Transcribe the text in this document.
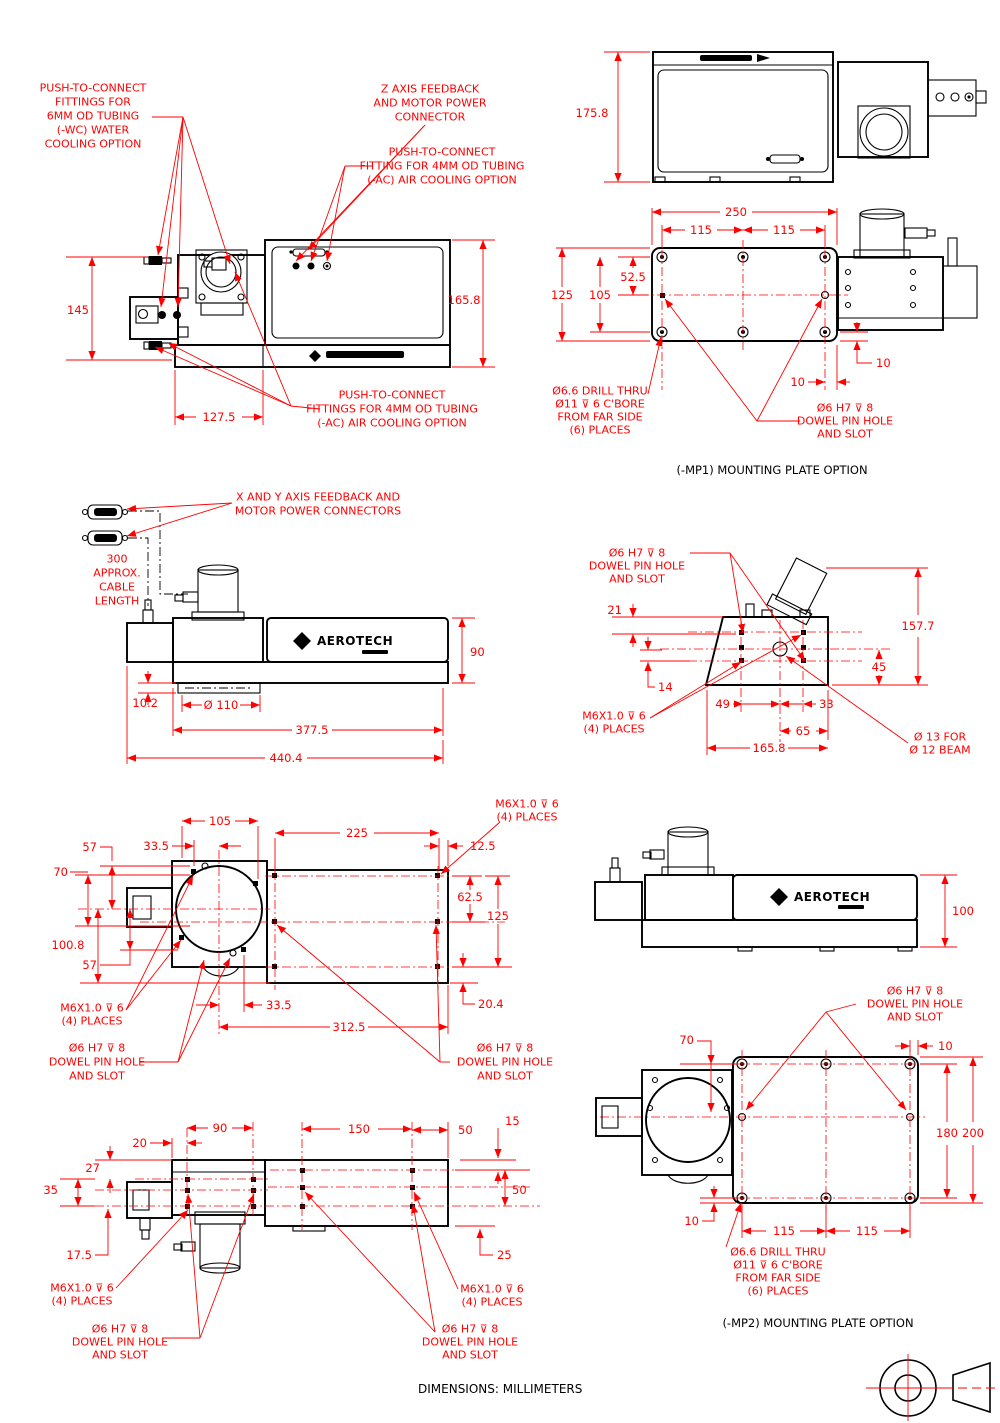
145
165.8
127.5
PUSH-TO-CONNECT
FITTINGS FOR
6MM OD TUBING
(-WC) WATER
COOLING OPTION
Z AXIS FEEDBACK
AND MOTOR POWER
CONNECTOR
PUSH-TO-CONNECT
FITTING FOR 4MM OD TUBING
(-AC) AIR COOLING OPTION
PUSH-TO-CONNECT
FITTINGS FOR 4MM OD TUBING
(-AC) AIR COOLING OPTION
175.8
250
115	115
52.5
125 105
10
10
Ø6.6 DRILL THRU
Ø11 ⊽ 6 C'BORE
FROM FAR SIDE
(6) PLACES
Ø6 H7 ⊽ 8
DOWEL PIN HOLE
AND SLOT
(-MP1) MOUNTING PLATE OPTION
AEROTECH
X AND Y AXIS FEEDBACK AND
MOTOR POWER CONNECTORS
300
APPROX.
CABLE
LENGTH
90
10.2	Ø 110
377.5
440.4
21
14
157.7
45
49	33
65
165.8
Ø6 H7 ⊽ 8
DOWEL PIN HOLE
AND SLOT
M6X1.0 ⊽ 6
(4) PLACES
Ø 13 FOR
Ø 12 BEAM
105
225
57
70
100.8
57
33.5	12.5
62.5
125
20.4
312.5
33.5
M6X1.0 ⊽ 6
(4) PLACES
M6X1.0 ⊽ 6
(4) PLACES
Ø6 H7 ⊽ 8
DOWEL PIN HOLE
AND SLOT
Ø6 H7 ⊽ 8
DOWEL PIN HOLE
AND SLOT
AEROTECH
100
70	10
180 200
10
115	115
Ø6.6 DRILL THRU
Ø11 ⊽ 6 C'BORE
FROM FAR SIDE
(6) PLACES
Ø6 H7 ⊽ 8
DOWEL PIN HOLE
AND SLOT
(-MP2) MOUNTING PLATE OPTION
20
90	150	50
15
27
35	50
17.5	25
M6X1.0 ⊽ 6
(4) PLACES
Ø6 H7 ⊽ 8
DOWEL PIN HOLE
AND SLOT
M6X1.0 ⊽ 6
(4) PLACES
Ø6 H7 ⊽ 8
DOWEL PIN HOLE
AND SLOT
DIMENSIONS: MILLIMETERS
